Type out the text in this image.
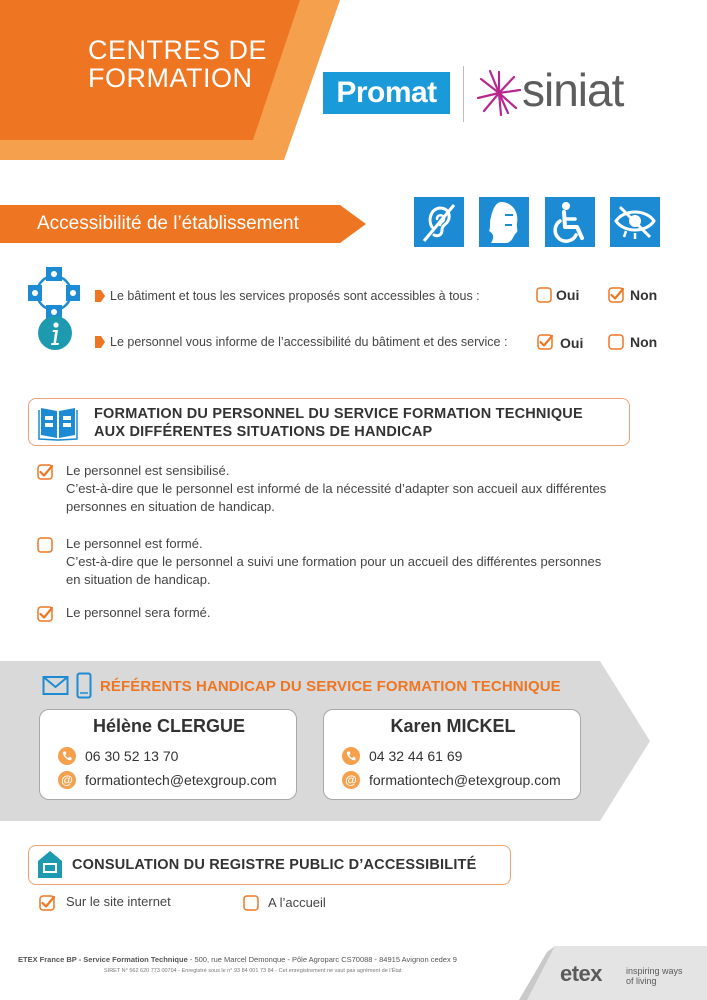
CENTRES DE
FORMATION	Promat siniat
Accessibilité de l’établissement
Le bâtiment et tous les services proposés sont accessibles à tous :	Oui	Non
Le personnel vous informe de l’accessibilité du bâtiment et des service :	Oui	Non
FORMATION DU PERSONNEL DU SERVICE FORMATION TECHNIQUE
AUX DIFFÉRENTES SITUATIONS DE HANDICAP
Le personnel est sensibilisé.
C’est-à-dire que le personnel est informé de la nécessité d’adapter son accueil aux différentes
personnes en situation de handicap.
Le personnel est formé.
C’est-à-dire que le personnel a suivi une formation pour un accueil des différentes personnes
en situation de handicap.
Le personnel sera formé.
RÉFÉRENTS HANDICAP DU SERVICE FORMATION TECHNIQUE
Hélène CLERGUE
06 30 52 13 70
@ formationtech@etexgroup.com
Karen MICKEL
04 32 44 61 69
@ formationtech@etexgroup.com
CONSULATION DU REGISTRE PUBLIC D’ACCESSIBILITÉ
Sur le site internet	A l’accueil
ETEX France BP - Service Formation Technique - 500, rue Marcel Demonque - Pôle Agroparc CS70088 - 84915 Avignon cedex 9
SIRET N° 562 620 773 00704 - Enregistré sous le n° 93 84 001 73 84 - Cet enregistrement ne vaut pas agrément de l’État	etex	inspiring ways
of living
